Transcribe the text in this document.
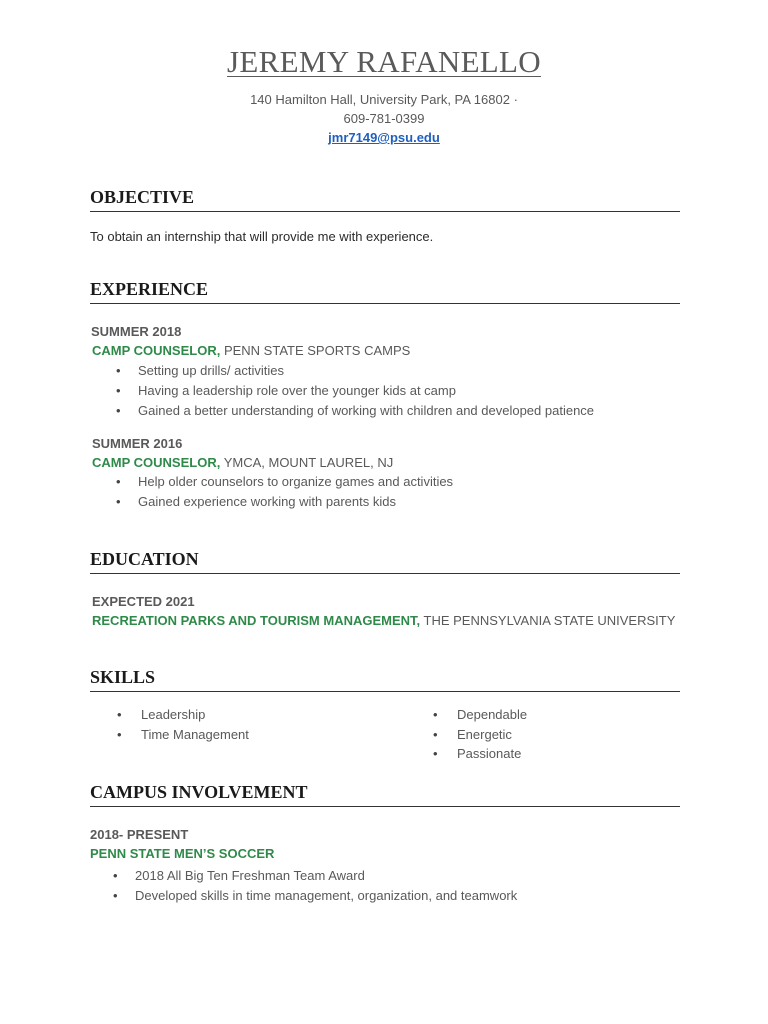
JEREMY RAFANELLO
140 Hamilton Hall, University Park, PA 16802 ·
609-781-0399
jmr7149@psu.edu
OBJECTIVE
To obtain an internship that will provide me with experience.
EXPERIENCE
SUMMER 2018
CAMP COUNSELOR, PENN STATE SPORTS CAMPS
• Setting up drills/ activities
• Having a leadership role over the younger kids at camp
• Gained a better understanding of working with children and developed patience
SUMMER 2016
CAMP COUNSELOR, YMCA, MOUNT LAUREL, NJ
• Help older counselors to organize games and activities
• Gained experience working with parents kids
EDUCATION
EXPECTED 2021
RECREATION PARKS AND TOURISM MANAGEMENT, THE PENNSYLVANIA STATE UNIVERSITY
SKILLS
• Leadership
• Time Management
• Dependable
• Energetic
• Passionate
CAMPUS INVOLVEMENT
2018- PRESENT
PENN STATE MEN’S SOCCER
• 2018 All Big Ten Freshman Team Award
• Developed skills in time management, organization, and teamwork
